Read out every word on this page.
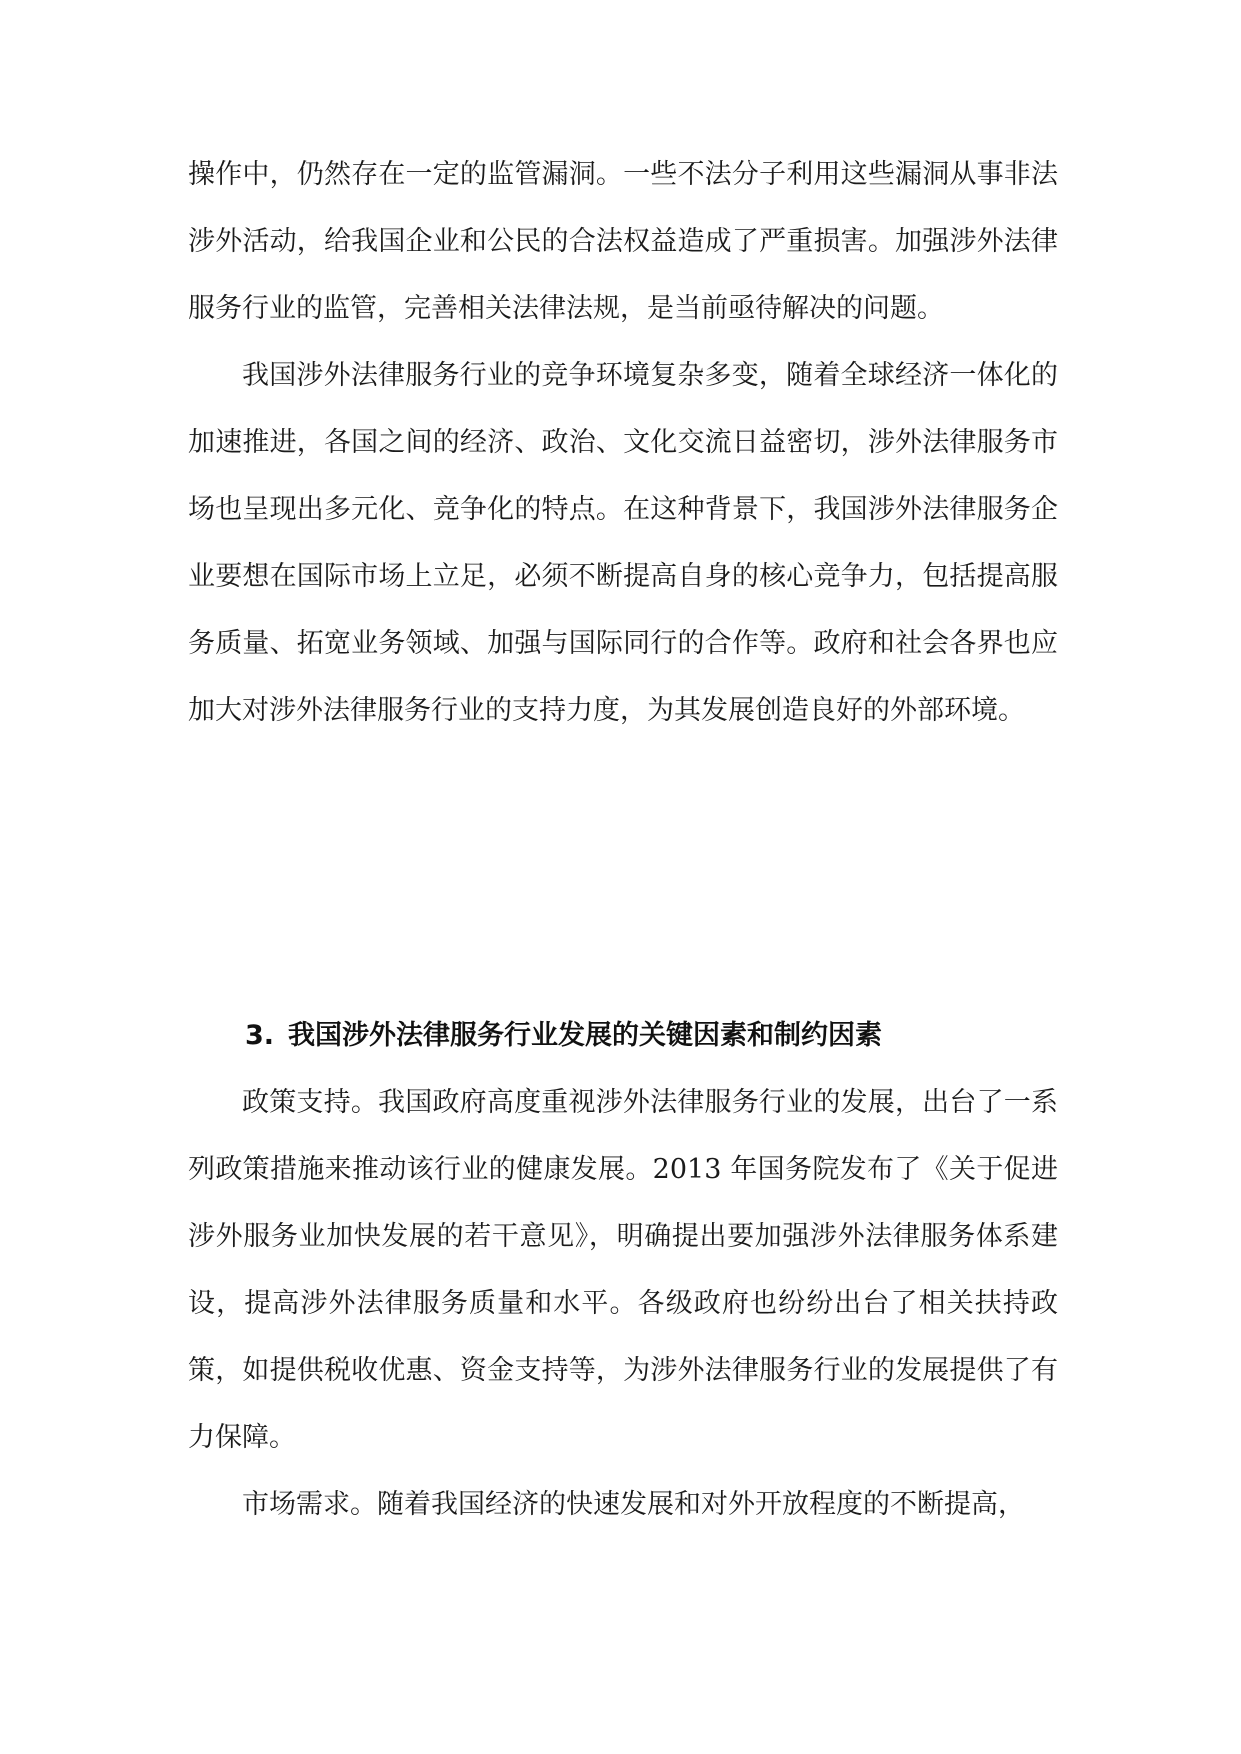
操作中，仍然存在一定的监管漏洞。一些不法分子利用这些漏洞从事非法涉外活动，给我国企业和公民的合法权益造成了严重损害。加强涉外法律服务行业的监管，完善相关法律法规，是当前亟待解决的问题。

我国涉外法律服务行业的竞争环境复杂多变，随着全球经济一体化的加速推进，各国之间的经济、政治、文化交流日益密切，涉外法律服务市场也呈现出多元化、竞争化的特点。在这种背景下，我国涉外法律服务企业要想在国际市场上立足，必须不断提高自身的核心竞争力，包括提高服务质量、拓宽业务领域、加强与国际同行的合作等。政府和社会各界也应加大对涉外法律服务行业的支持力度，为其发展创造良好的外部环境。

3. 我国涉外法律服务行业发展的关键因素和制约因素

政策支持。我国政府高度重视涉外法律服务行业的发展，出台了一系列政策措施来推动该行业的健康发展。2013 年国务院发布了《关于促进涉外服务业加快发展的若干意见》，明确提出要加强涉外法律服务体系建设，提高涉外法律服务质量和水平。各级政府也纷纷出台了相关扶持政策，如提供税收优惠、资金支持等，为涉外法律服务行业的发展提供了有力保障。

市场需求。随着我国经济的快速发展和对外开放程度的不断提高，
